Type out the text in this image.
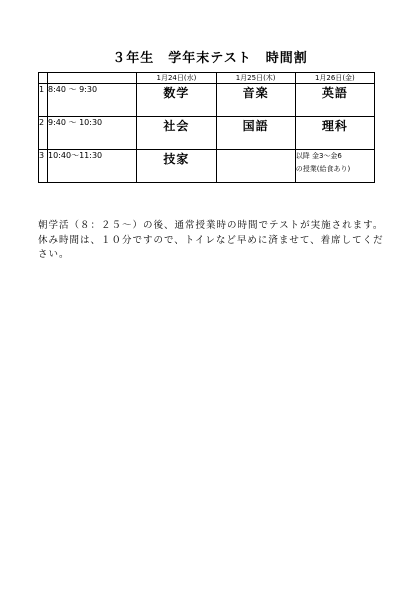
３年生　学年末テスト　時間割
		1月24日(水)	1月25日(木)	1月26日(金)
1	8:40 ～ 9:30	数学	音楽	英語
2	9:40 ～ 10:30	社会	国語	理科
3	10:40～11:30	技家		以降 金3～金6
の授業(給食あり)

朝学活（８：２５～）の後、通常授業時の時間でテストが実施されます。休み時間は、１０分ですので、トイレなど早めに済ませて、着席してください。
